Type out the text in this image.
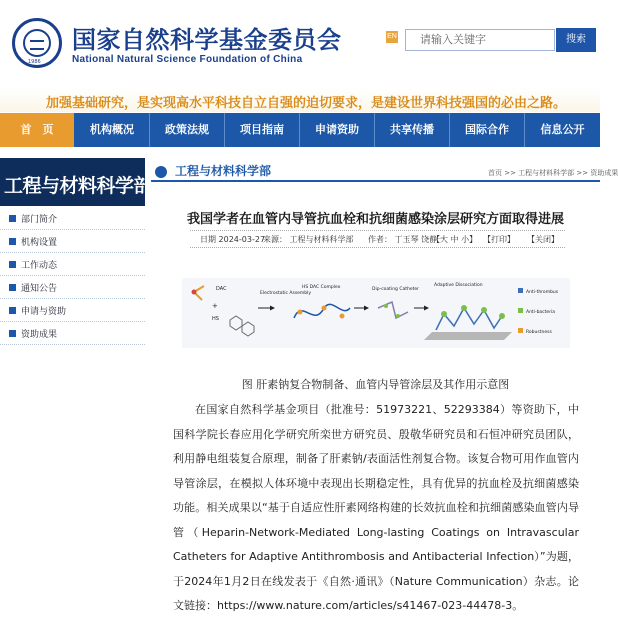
1986
国家自然科学基金委员会
National Natural Science Foundation of China
EN	请输入关键字	搜索
加强基础研究，是实现高水平科技自立自强的迫切要求，是建设世界科技强国的必由之路。
首　页	机构概况	政策法规	项目指南	申请资助	共享传播	国际合作	信息公开
工程与材料科学部
部门简介
机构设置
工作动态
通知公告
申请与资助
资助成果
工程与材料科学部	首页 >> 工程与材料科学部 >> 资助成果
我国学者在血管内导管抗血栓和抗细菌感染涂层研究方面取得进展
日期 2024-03-27
来源： 工程与材料科学部 作者： 丁玉琴 饶静一
【大 中 小】 【打印】 【关闭】
DAC
+
HS
Electrostatic Assembly
HS DAC Complex	Dip-coating Catheter
Adaptive Dissociation
Anti-thrombus
Anti-bacteria
Robustness
图 肝素钠复合物制备、血管内导管涂层及其作用示意图
在国家自然科学基金项目（批准号：51973221、52293384）等资助下，中国科学院长春应用化学研究所栾世方研究员、殷敬华研究员和石恒冲研究员团队，利用静电组装复合原理，制备了肝素钠/表面活性剂复合物。该复合物可用作血管内导管涂层，在模拟人体环境中表现出长期稳定性，具有优异的抗血栓及抗细菌感染功能。相关成果以“基于自适应性肝素网络构建的长效抗血栓和抗细菌感染血管内导管（Heparin-Network-Mediated Long-lasting Coatings on Intravascular Catheters for Adaptive Antithrombosis and Antibacterial Infection）”为题，于2024年1月2日在线发表于《自然·通讯》（Nature Communication）杂志。论文链接：https://www.nature.com/articles/s41467-023-44478-3。
